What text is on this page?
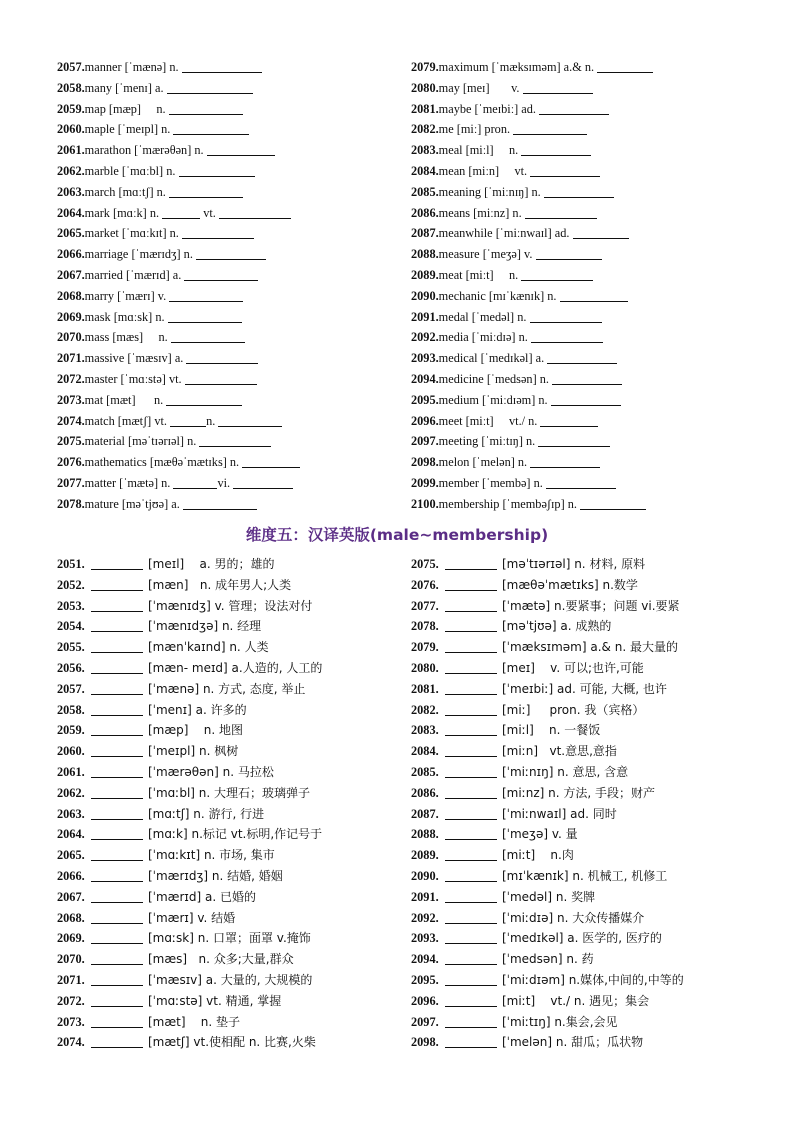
2057.manner [ˈmænə] n.
2058.many [ˈmenɪ] a.
2059.map [mæp]     n.
2060.maple [ˈmeɪpl] n.
2061.marathon [ˈmærəθən] n.
2062.marble [ˈmɑːbl] n.
2063.march [mɑːtʃ] n.
2064.mark [mɑːk] n.	vt.
2065.market [ˈmɑːkɪt] n.
2066.marriage [ˈmærɪdʒ] n.
2067.married [ˈmærɪd] a.
2068.marry [ˈmærɪ] v.
2069.mask [mɑːsk] n.
2070.mass [mæs]     n.
2071.massive [ˈmæsɪv] a.
2072.master [ˈmɑːstə] vt.
2073.mat [mæt]      n.
2074.match [mætʃ] vt.	n.
2075.material [məˈtɪərɪəl] n.
2076.mathematics [mæθəˈmætɪks] n.
2077.matter [ˈmætə] n.	vi.
2078.mature [məˈtjʊə] a.
2079.maximum [ˈmæksɪməm] a.& n.
2080.may [meɪ]       v.
2081.maybe [ˈmeɪbiː] ad.
2082.me [miː] pron.
2083.meal [miːl]     n.
2084.mean [miːn]     vt.
2085.meaning [ˈmiːnɪŋ] n.
2086.means [miːnz] n.
2087.meanwhile [ˈmiːnwaɪl] ad.
2088.measure [ˈmeʒə] v.
2089.meat [miːt]     n.
2090.mechanic [mɪˈkænɪk] n.
2091.medal [ˈmedəl] n.
2092.media [ˈmiːdɪə] n.
2093.medical [ˈmedɪkəl] a.
2094.medicine [ˈmedsən] n.
2095.medium [ˈmiːdɪəm] n.
2096.meet [miːt]     vt./ n.
2097.meeting [ˈmiːtɪŋ] n.
2098.melon [ˈmelən] n.
2099.member [ˈmembə] n.
2100.membership [ˈmembəʃɪp] n.
维度五：汉译英版(male~membership)
2051.	[meɪl]    a. 男的；雄的
2052.	[mæn]   n. 成年男人;人类
2053.	[ˈmænɪdʒ] v. 管理；设法对付
2054.	[ˈmænɪdʒə] n. 经理
2055.	[mænˈkaɪnd] n. 人类
2056.	[mæn- meɪd] a.人造的, 人工的
2057.	[ˈmænə] n. 方式, 态度, 举止
2058.	[ˈmenɪ] a. 许多的
2059.	[mæp]    n. 地图
2060.	[ˈmeɪpl] n. 枫树
2061.	[ˈmærəθən] n. 马拉松
2062.	[ˈmɑːbl] n. 大理石；玻璃弹子
2063.	[mɑːtʃ] n. 游行, 行进
2064.	[mɑːk] n.标记 vt.标明,作记号于
2065.	[ˈmɑːkɪt] n. 市场, 集市
2066.	[ˈmærɪdʒ] n. 结婚, 婚姻
2067.	[ˈmærɪd] a. 已婚的
2068.	[ˈmærɪ] v. 结婚
2069.	[mɑːsk] n. 口罩；面罩 v.掩饰
2070.	[mæs]   n. 众多;大量,群众
2071.	[ˈmæsɪv] a. 大量的, 大规模的
2072.	[ˈmɑːstə] vt. 精通, 掌握
2073.	[mæt]    n. 垫子
2074.	[mætʃ] vt.使相配 n. 比赛,火柴
2075.	[məˈtɪərɪəl] n. 材料, 原料
2076.	[mæθəˈmætɪks] n.数学
2077.	[ˈmætə] n.要紧事；问题 vi.要紧
2078.	[məˈtjʊə] a. 成熟的
2079.	[ˈmæksɪməm] a.& n. 最大量的
2080.	[meɪ]    v. 可以;也许,可能
2081.	[ˈmeɪbiː] ad. 可能, 大概, 也许
2082.	[miː]     pron. 我（宾格）
2083.	[miːl]    n. 一餐饭
2084.	[miːn]   vt.意思,意指
2085.	[ˈmiːnɪŋ] n. 意思, 含意
2086.	[miːnz] n. 方法, 手段；财产
2087.	[ˈmiːnwaɪl] ad. 同时
2088.	[ˈmeʒə] v. 量
2089.	[miːt]    n.肉
2090.	[mɪˈkænɪk] n. 机械工, 机修工
2091.	[ˈmedəl] n. 奖牌
2092.	[ˈmiːdɪə] n. 大众传播媒介
2093.	[ˈmedɪkəl] a. 医学的, 医疗的
2094.	[ˈmedsən] n. 药
2095.	[ˈmiːdɪəm] n.媒体,中间的,中等的
2096.	[miːt]    vt./ n. 遇见；集会
2097.	[ˈmiːtɪŋ] n.集会,会见
2098.	[ˈmelən] n. 甜瓜；瓜状物
